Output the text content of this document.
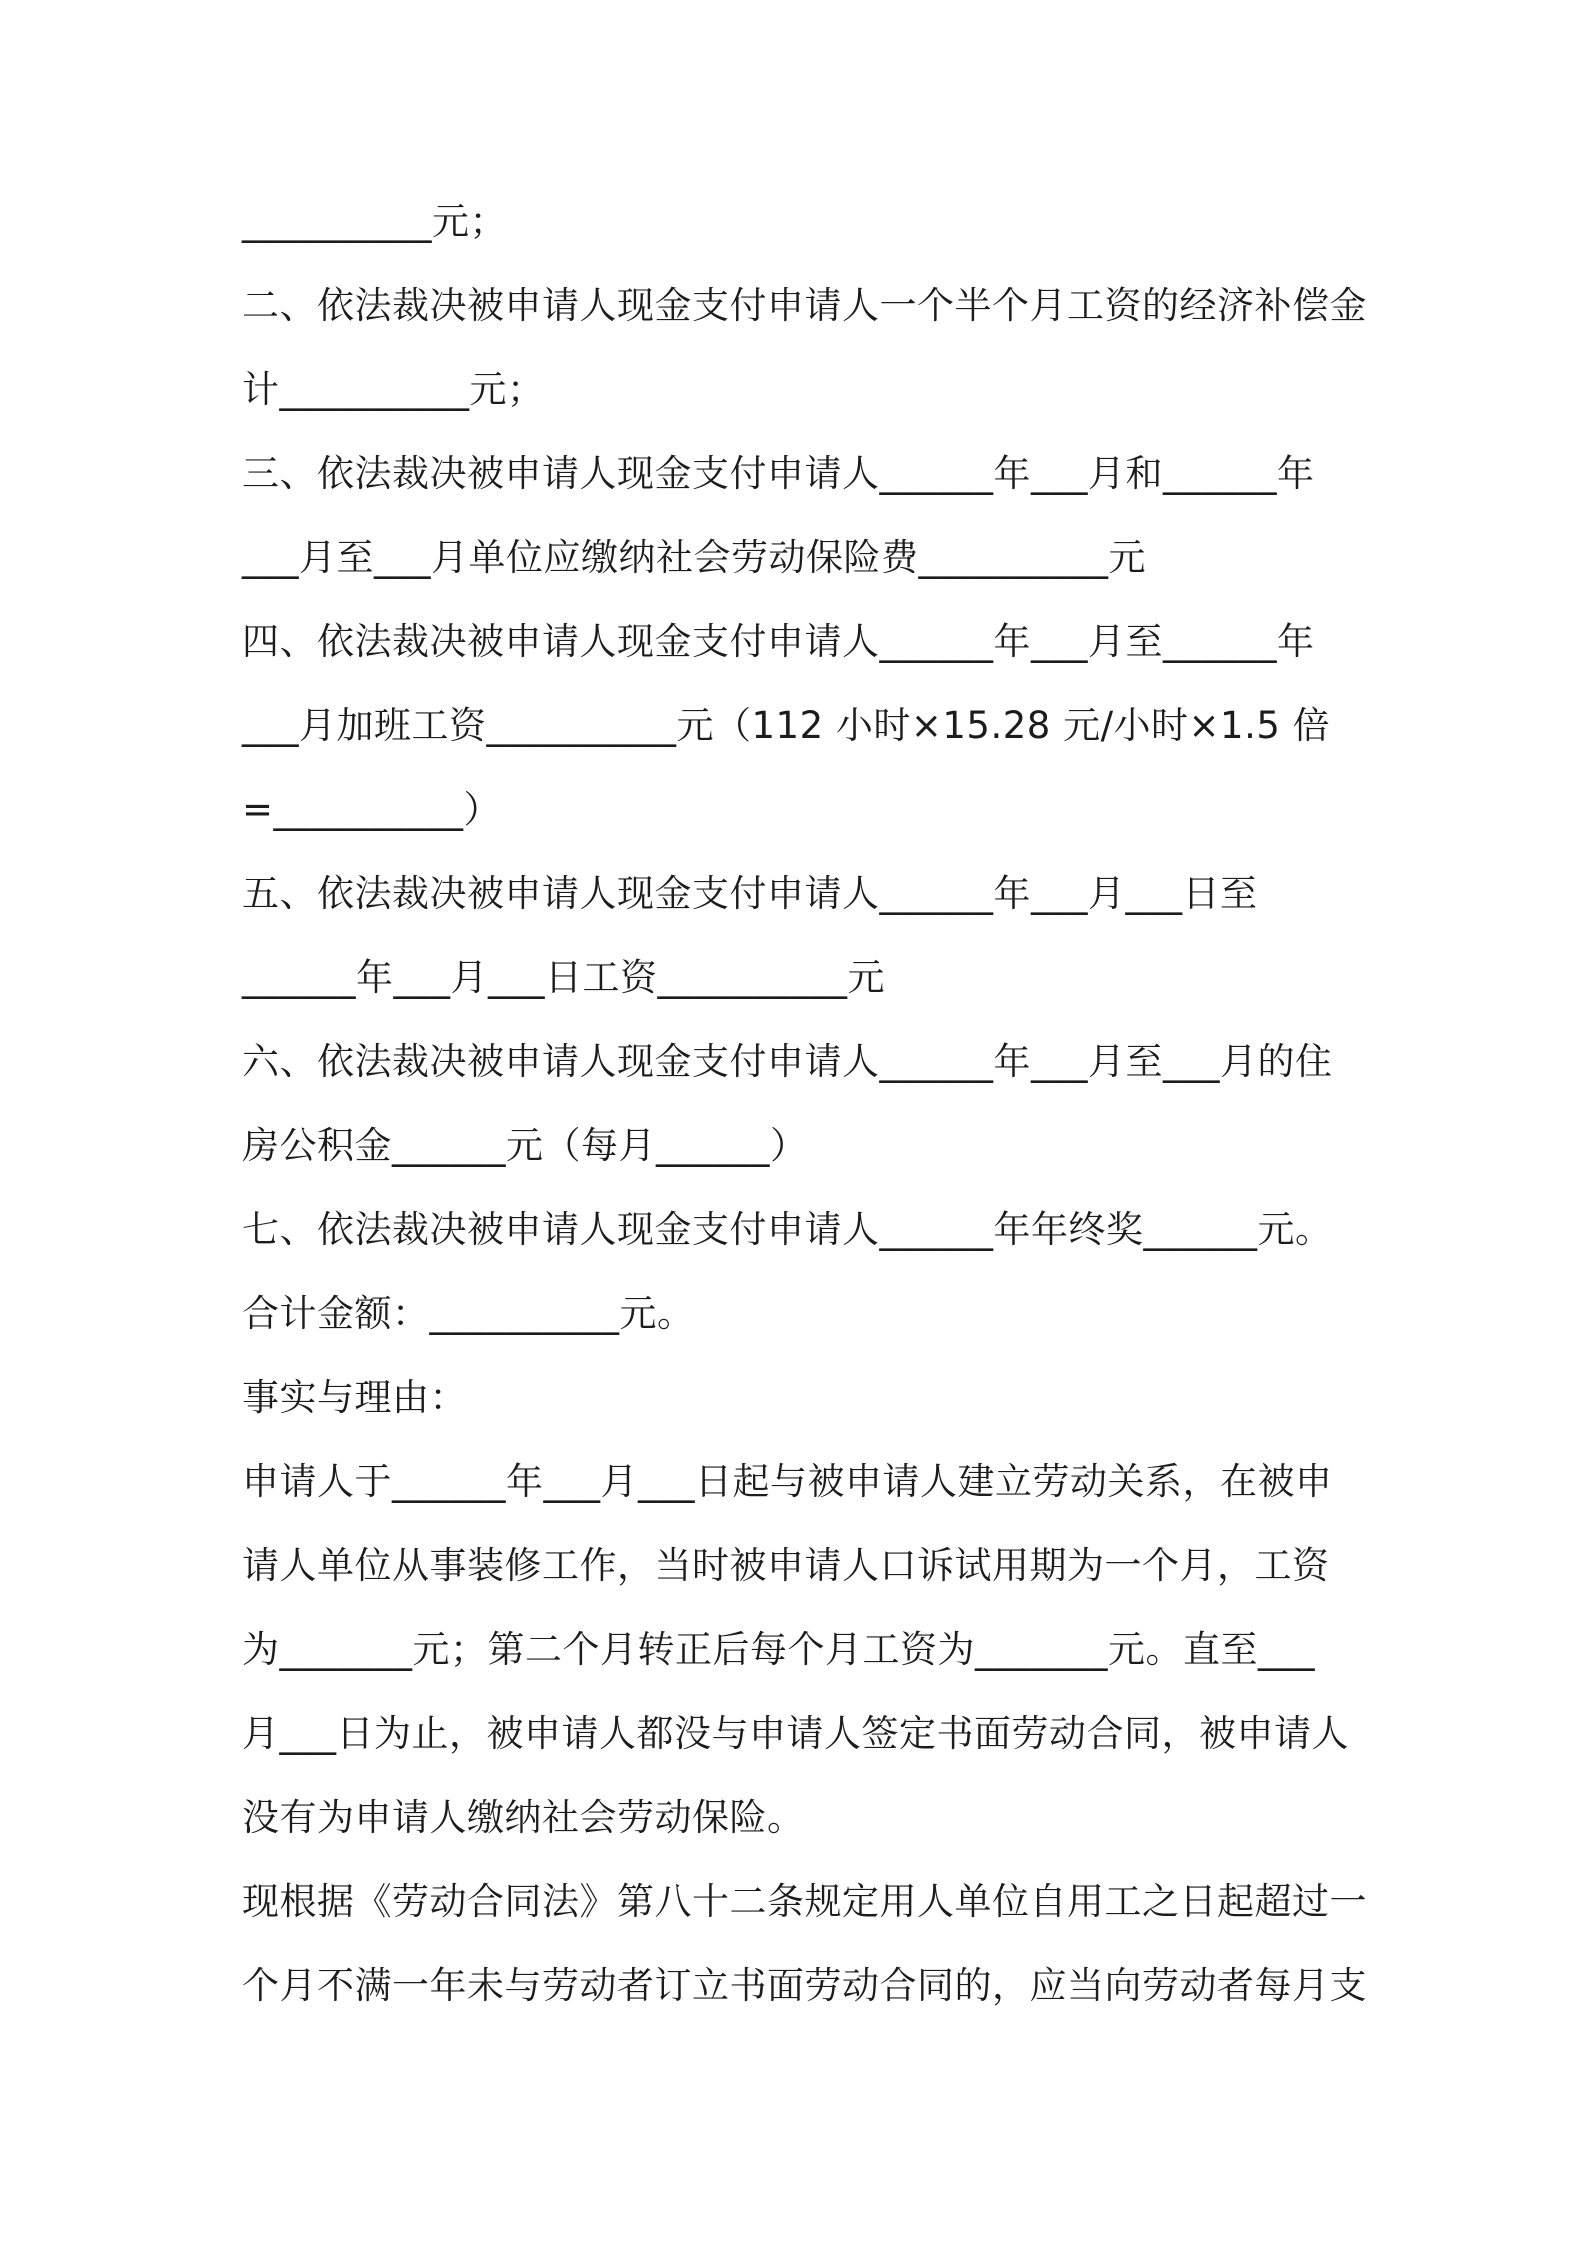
__________元；
二、依法裁决被申请人现金支付申请人一个半个月工资的经济补偿金
计__________元；
三、依法裁决被申请人现金支付申请人______年___月和______年
___月至___月单位应缴纳社会劳动保险费__________元
四、依法裁决被申请人现金支付申请人______年___月至______年
___月加班工资__________元（112 小时×15.28 元/小时×1.5 倍
=__________）
五、依法裁决被申请人现金支付申请人______年___月___日至
______年___月___日工资__________元
六、依法裁决被申请人现金支付申请人______年___月至___月的住
房公积金______元（每月______）
七、依法裁决被申请人现金支付申请人______年年终奖______元。
合计金额：__________元。
事实与理由：
申请人于______年___月___日起与被申请人建立劳动关系，在被申
请人单位从事装修工作，当时被申请人口诉试用期为一个月，工资
为_______元；第二个月转正后每个月工资为_______元。直至___
月___日为止，被申请人都没与申请人签定书面劳动合同，被申请人
没有为申请人缴纳社会劳动保险。
现根据《劳动合同法》第八十二条规定用人单位自用工之日起超过一
个月不满一年未与劳动者订立书面劳动合同的，应当向劳动者每月支
